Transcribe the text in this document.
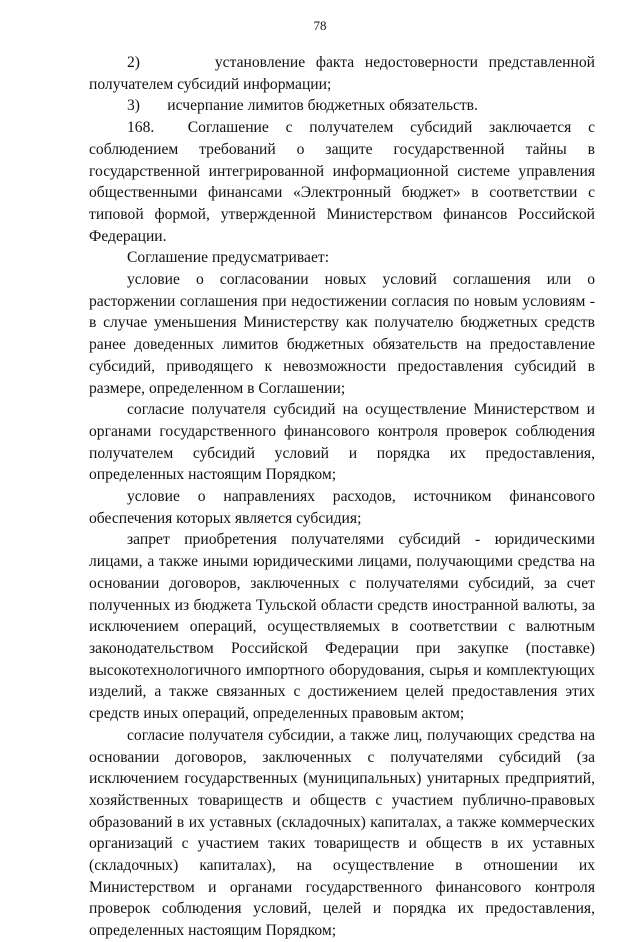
78

2)       установление факта недостоверности представленной получателем субсидий информации;

3)       исчерпание лимитов бюджетных обязательств.

168.  Соглашение с получателем субсидий заключается с соблюдением требований о защите государственной тайны в государственной интегрированной информационной системе управления общественными финансами «Электронный бюджет» в соответствии с типовой формой, утвержденной Министерством финансов Российской Федерации.

Соглашение предусматривает:

условие о согласовании новых условий соглашения или о расторжении соглашения при недостижении согласия по новым условиям - в случае уменьшения Министерству как получателю бюджетных средств ранее доведенных лимитов бюджетных обязательств на предоставление субсидий, приводящего к невозможности предоставления субсидий в размере, определенном в Соглашении;

согласие получателя субсидий на осуществление Министерством и органами государственного финансового контроля проверок соблюдения получателем субсидий условий и порядка их предоставления, определенных настоящим Порядком;

условие о направлениях расходов, источником финансового обеспечения которых является субсидия;

запрет приобретения получателями субсидий - юридическими лицами, а также иными юридическими лицами, получающими средства на основании договоров, заключенных с получателями субсидий, за счет полученных из бюджета Тульской области средств иностранной валюты, за исключением операций, осуществляемых в соответствии с валютным законодательством Российской Федерации при закупке (поставке) высокотехнологичного импортного оборудования, сырья и комплектующих изделий, а также связанных с достижением целей предоставления этих средств иных операций, определенных правовым актом;

согласие получателя субсидии, а также лиц, получающих средства на основании договоров, заключенных с получателями субсидий (за исключением государственных (муниципальных) унитарных предприятий, хозяйственных товариществ и обществ с участием публично-правовых образований в их уставных (складочных) капиталах, а также коммерческих организаций с участием таких товариществ и обществ в их уставных (складочных) капиталах), на осуществление в отношении их Министерством и органами государственного финансового контроля проверок соблюдения условий, целей и порядка их предоставления, определенных настоящим Порядком;
